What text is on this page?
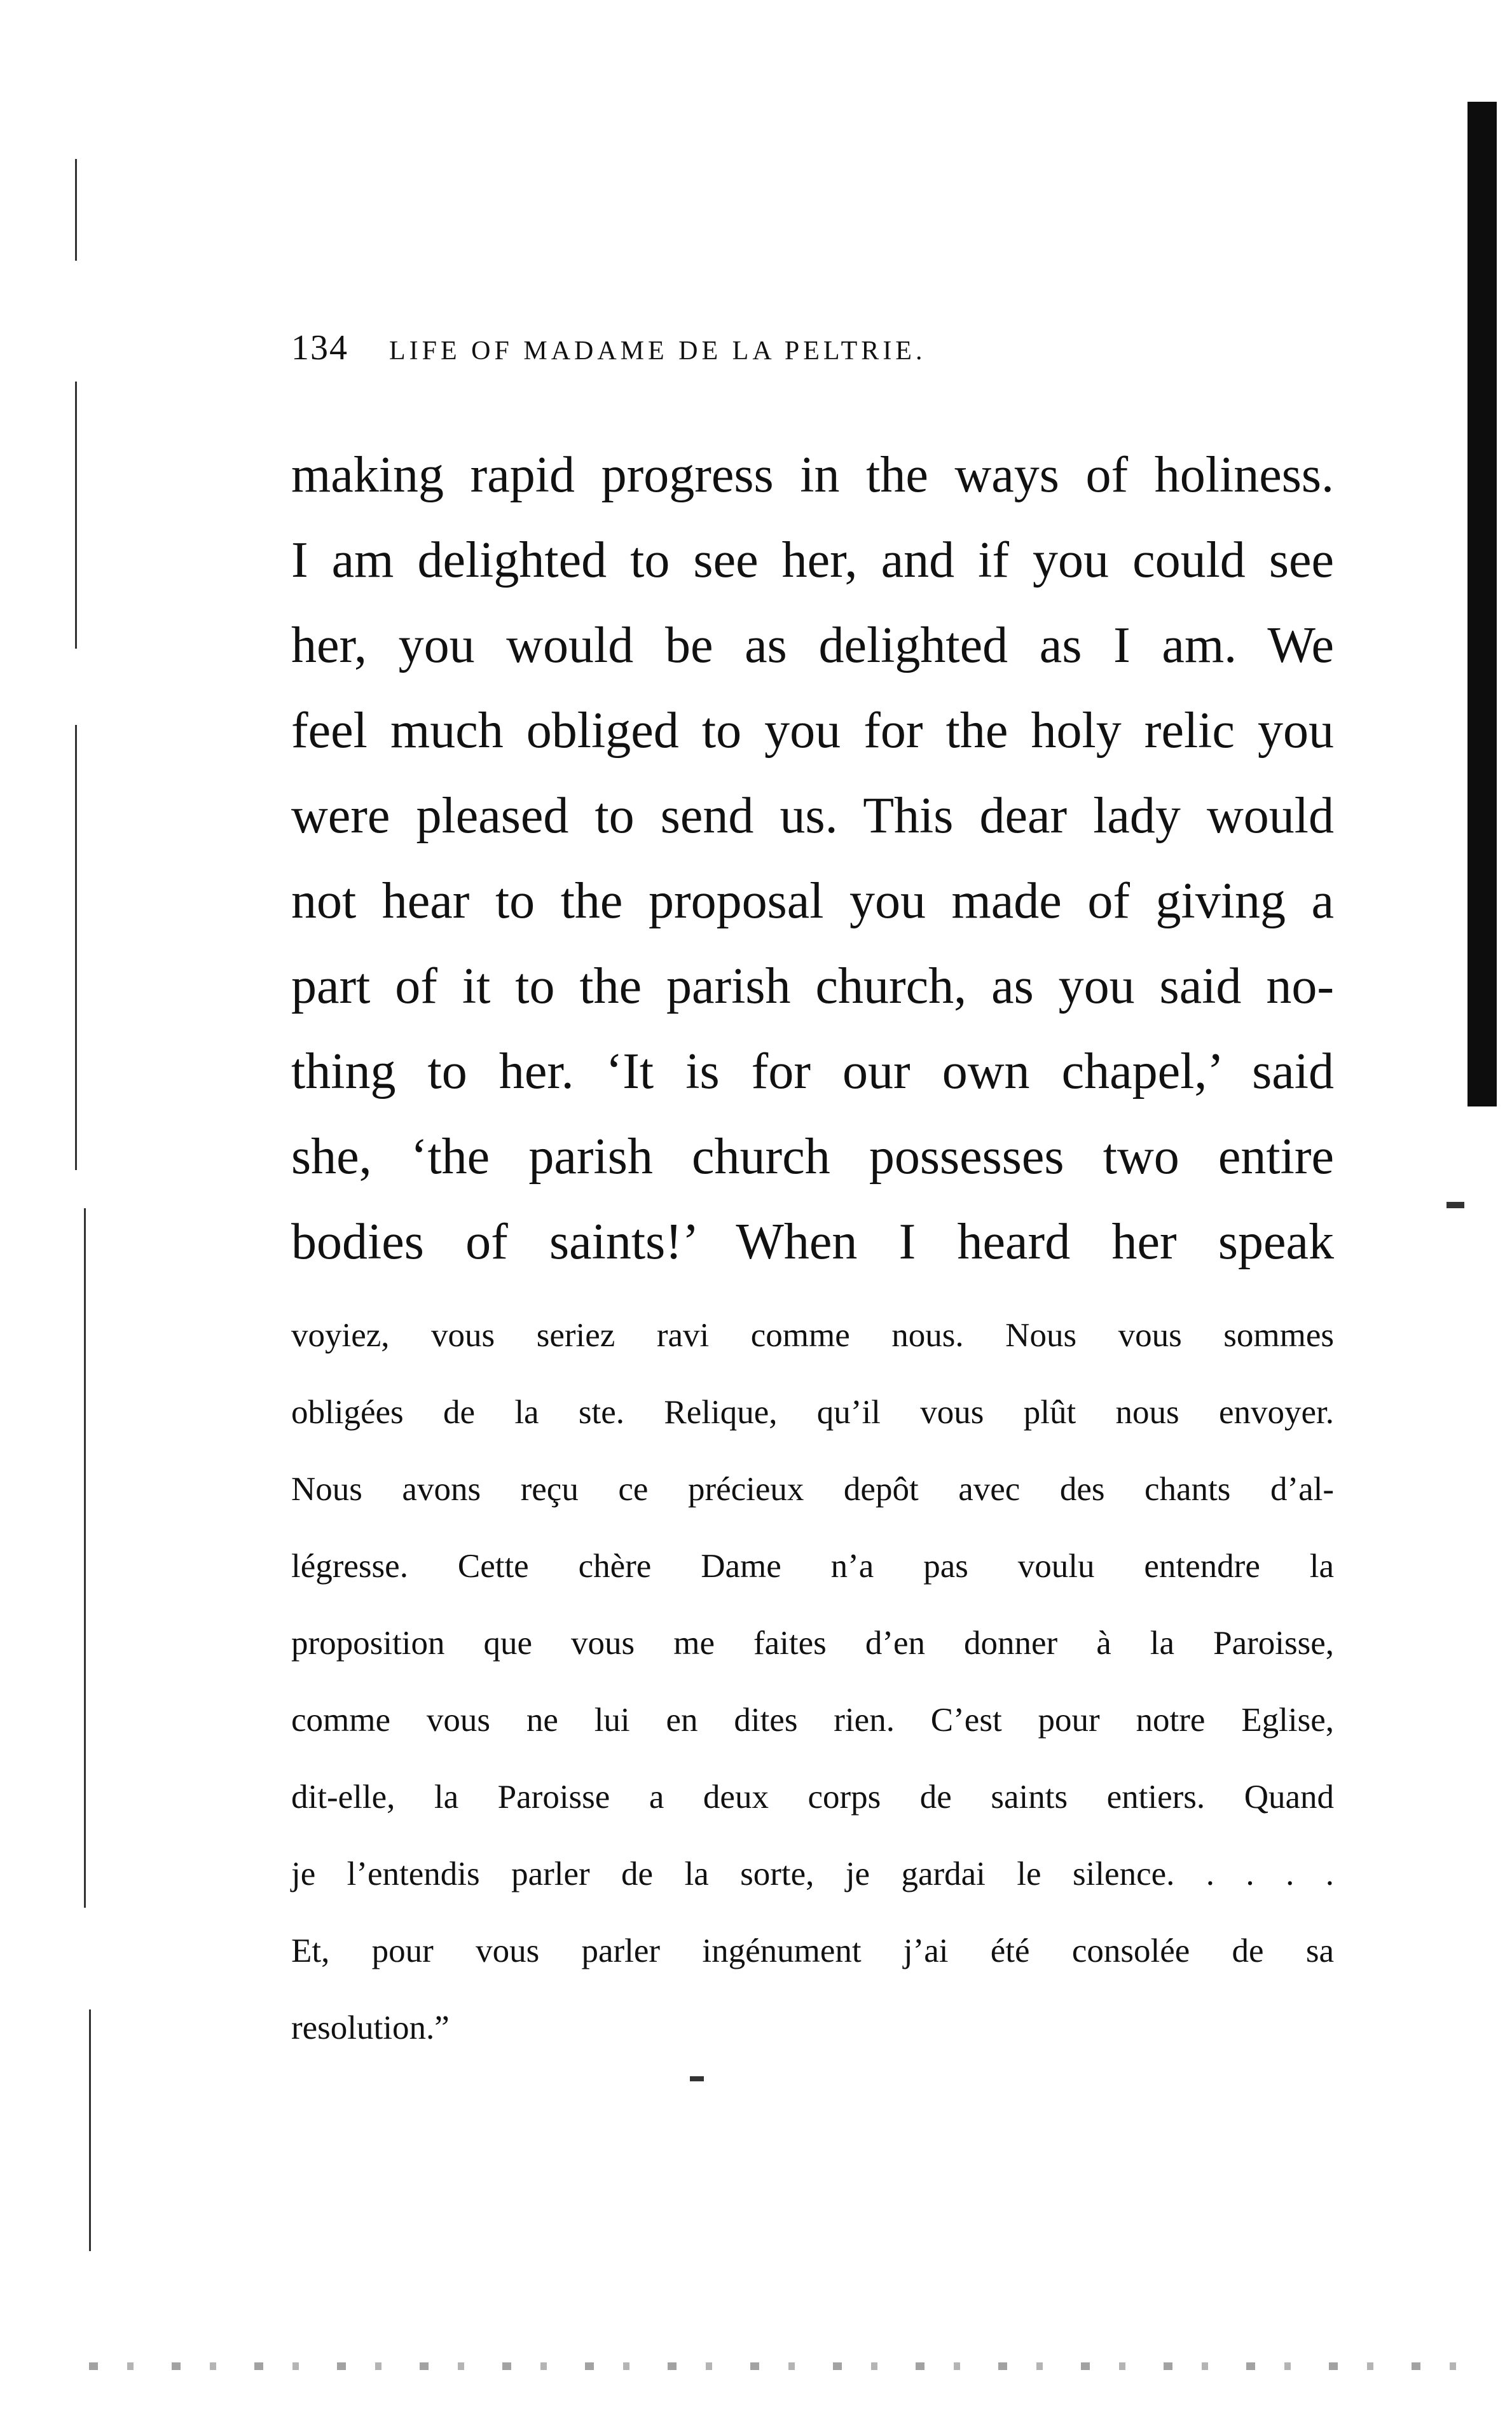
134 LIFE OF MADAME DE LA PELTRIE.
making rapid progress in the ways of holiness.
I am delighted to see her, and if you could see
her, you would be as delighted as I am. We
feel much obliged to you for the holy relic you
were pleased to send us. This dear lady would
not hear to the proposal you made of giving a
part of it to the parish church, as you said no-
thing to her. ‘It is for our own chapel,’ said
she, ‘the parish church possesses two entire
bodies of saints!’ When I heard her speak
voyiez, vous seriez ravi comme nous. Nous vous sommes
obligées de la ste. Relique, qu’il vous plût nous envoyer.
Nous avons reçu ce précieux depôt avec des chants d’al-
légresse. Cette chère Dame n’a pas voulu entendre la
proposition que vous me faites d’en donner à la Paroisse,
comme vous ne lui en dites rien. C’est pour notre Eglise,
dit-elle, la Paroisse a deux corps de saints entiers. Quand
je l’entendis parler de la sorte, je gardai le silence. . . . .
Et, pour vous parler ingénument j’ai été consolée de sa
resolution.”
